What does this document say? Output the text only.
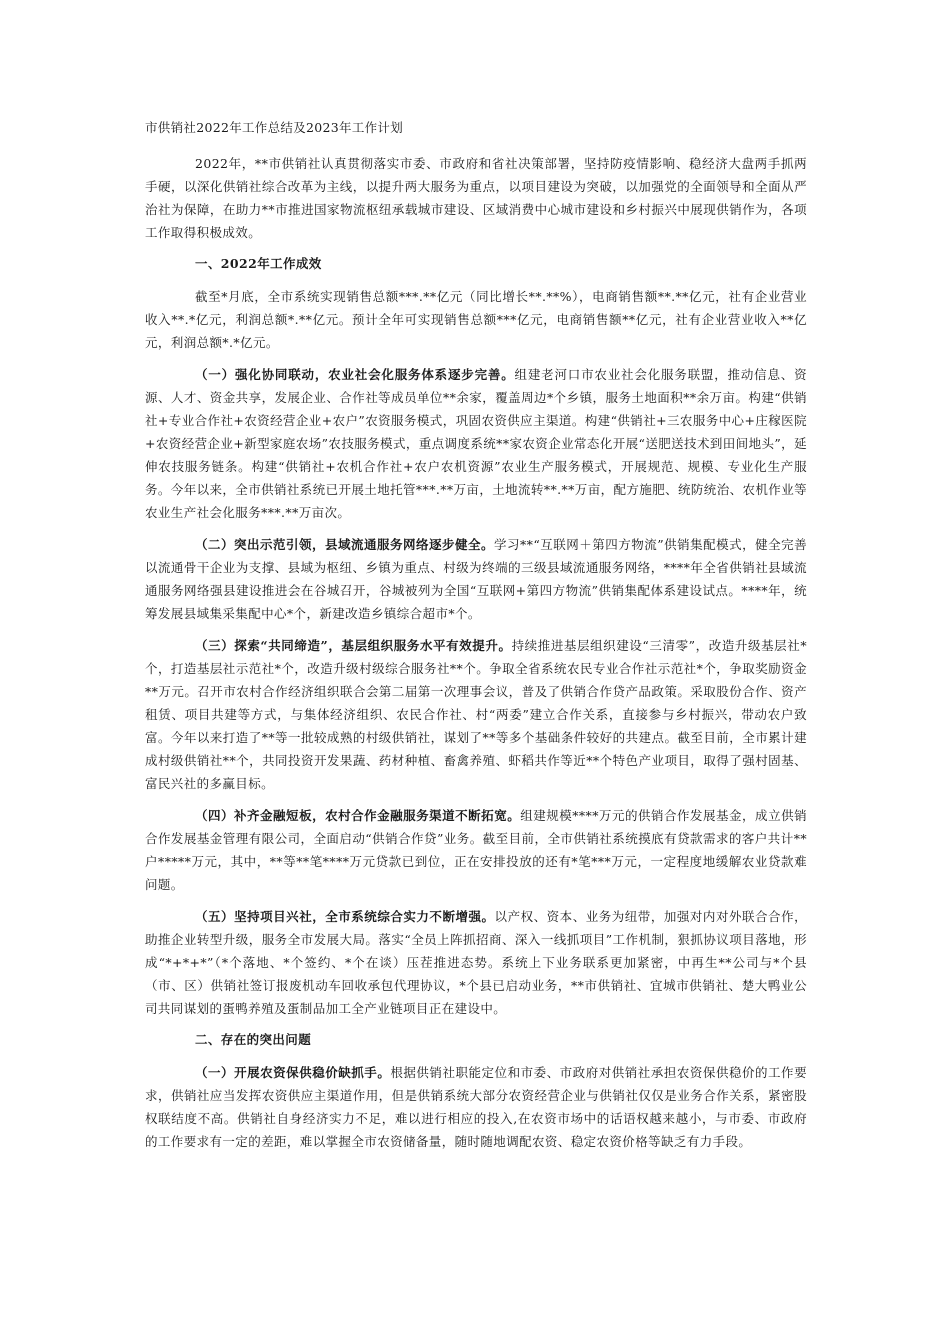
市供销社2022年工作总结及2023年工作计划

2022年，**市供销社认真贯彻落实市委、市政府和省社决策部署，坚持防疫情影响、稳经济大盘两手抓两手硬，以深化供销社综合改革为主线，以提升两大服务为重点，以项目建设为突破，以加强党的全面领导和全面从严治社为保障，在助力**市推进国家物流枢纽承载城市建设、区域消费中心城市建设和乡村振兴中展现供销作为，各项工作取得积极成效。

一、2022年工作成效

截至*月底，全市系统实现销售总额***.**亿元（同比增长**.**%），电商销售额**.**亿元，社有企业营业收入**.*亿元，利润总额*.**亿元。预计全年可实现销售总额***亿元，电商销售额**亿元，社有企业营业收入**亿元，利润总额*.*亿元。

（一）强化协同联动，农业社会化服务体系逐步完善。组建老河口市农业社会化服务联盟，推动信息、资源、人才、资金共享，发展企业、合作社等成员单位**余家，覆盖周边*个乡镇，服务土地面积**余万亩。构建“供销社+专业合作社+农资经营企业+农户”农资服务模式，巩固农资供应主渠道。构建“供销社+三农服务中心+庄稼医院+农资经营企业+新型家庭农场”农技服务模式，重点调度系统**家农资企业常态化开展“送肥送技术到田间地头”，延伸农技服务链条。构建“供销社+农机合作社+农户农机资源”农业生产服务模式，开展规范、规模、专业化生产服务。今年以来，全市供销社系统已开展土地托管***.**万亩，土地流转**.**万亩，配方施肥、统防统治、农机作业等农业生产社会化服务***.**万亩次。

（二）突出示范引领，县域流通服务网络逐步健全。学习**“互联网＋第四方物流”供销集配模式，健全完善以流通骨干企业为支撑、县域为枢纽、乡镇为重点、村级为终端的三级县域流通服务网络，****年全省供销社县域流通服务网络强县建设推进会在谷城召开，谷城被列为全国“互联网+第四方物流”供销集配体系建设试点。****年，统筹发展县域集采集配中心*个，新建改造乡镇综合超市*个。

（三）探索“共同缔造”，基层组织服务水平有效提升。持续推进基层组织建设“三清零”，改造升级基层社*个，打造基层社示范社*个，改造升级村级综合服务社**个。争取全省系统农民专业合作社示范社*个，争取奖励资金**万元。召开市农村合作经济组织联合会第二届第一次理事会议，普及了供销合作贷产品政策。采取股份合作、资产租赁、项目共建等方式，与集体经济组织、农民合作社、村“两委”建立合作关系，直接参与乡村振兴，带动农户致富。今年以来打造了**等一批较成熟的村级供销社，谋划了**等多个基础条件较好的共建点。截至目前，全市累计建成村级供销社**个，共同投资开发果蔬、药材种植、畜禽养殖、虾稻共作等近**个特色产业项目，取得了强村固基、富民兴社的多赢目标。

（四）补齐金融短板，农村合作金融服务渠道不断拓宽。组建规模****万元的供销合作发展基金，成立供销合作发展基金管理有限公司，全面启动“供销合作贷”业务。截至目前，全市供销社系统摸底有贷款需求的客户共计**户*****万元，其中，**等**笔****万元贷款已到位，正在安排投放的还有*笔***万元，一定程度地缓解农业贷款难问题。

（五）坚持项目兴社，全市系统综合实力不断增强。以产权、资本、业务为纽带，加强对内对外联合合作，助推企业转型升级，服务全市发展大局。落实“全员上阵抓招商、深入一线抓项目”工作机制，狠抓协议项目落地，形成“*+*+*”（*个落地、*个签约、*个在谈）压茬推进态势。系统上下业务联系更加紧密，中再生**公司与*个县（市、区）供销社签订报废机动车回收承包代理协议，*个县已启动业务，**市供销社、宜城市供销社、楚大鸭业公司共同谋划的蛋鸭养殖及蛋制品加工全产业链项目正在建设中。

二、存在的突出问题

（一）开展农资保供稳价缺抓手。根据供销社职能定位和市委、市政府对供销社承担农资保供稳价的工作要求，供销社应当发挥农资供应主渠道作用，但是供销系统大部分农资经营企业与供销社仅仅是业务合作关系，紧密股权联结度不高。供销社自身经济实力不足，难以进行相应的投入,在农资市场中的话语权越来越小，与市委、市政府的工作要求有一定的差距，难以掌握全市农资储备量，随时随地调配农资、稳定农资价格等缺乏有力手段。
